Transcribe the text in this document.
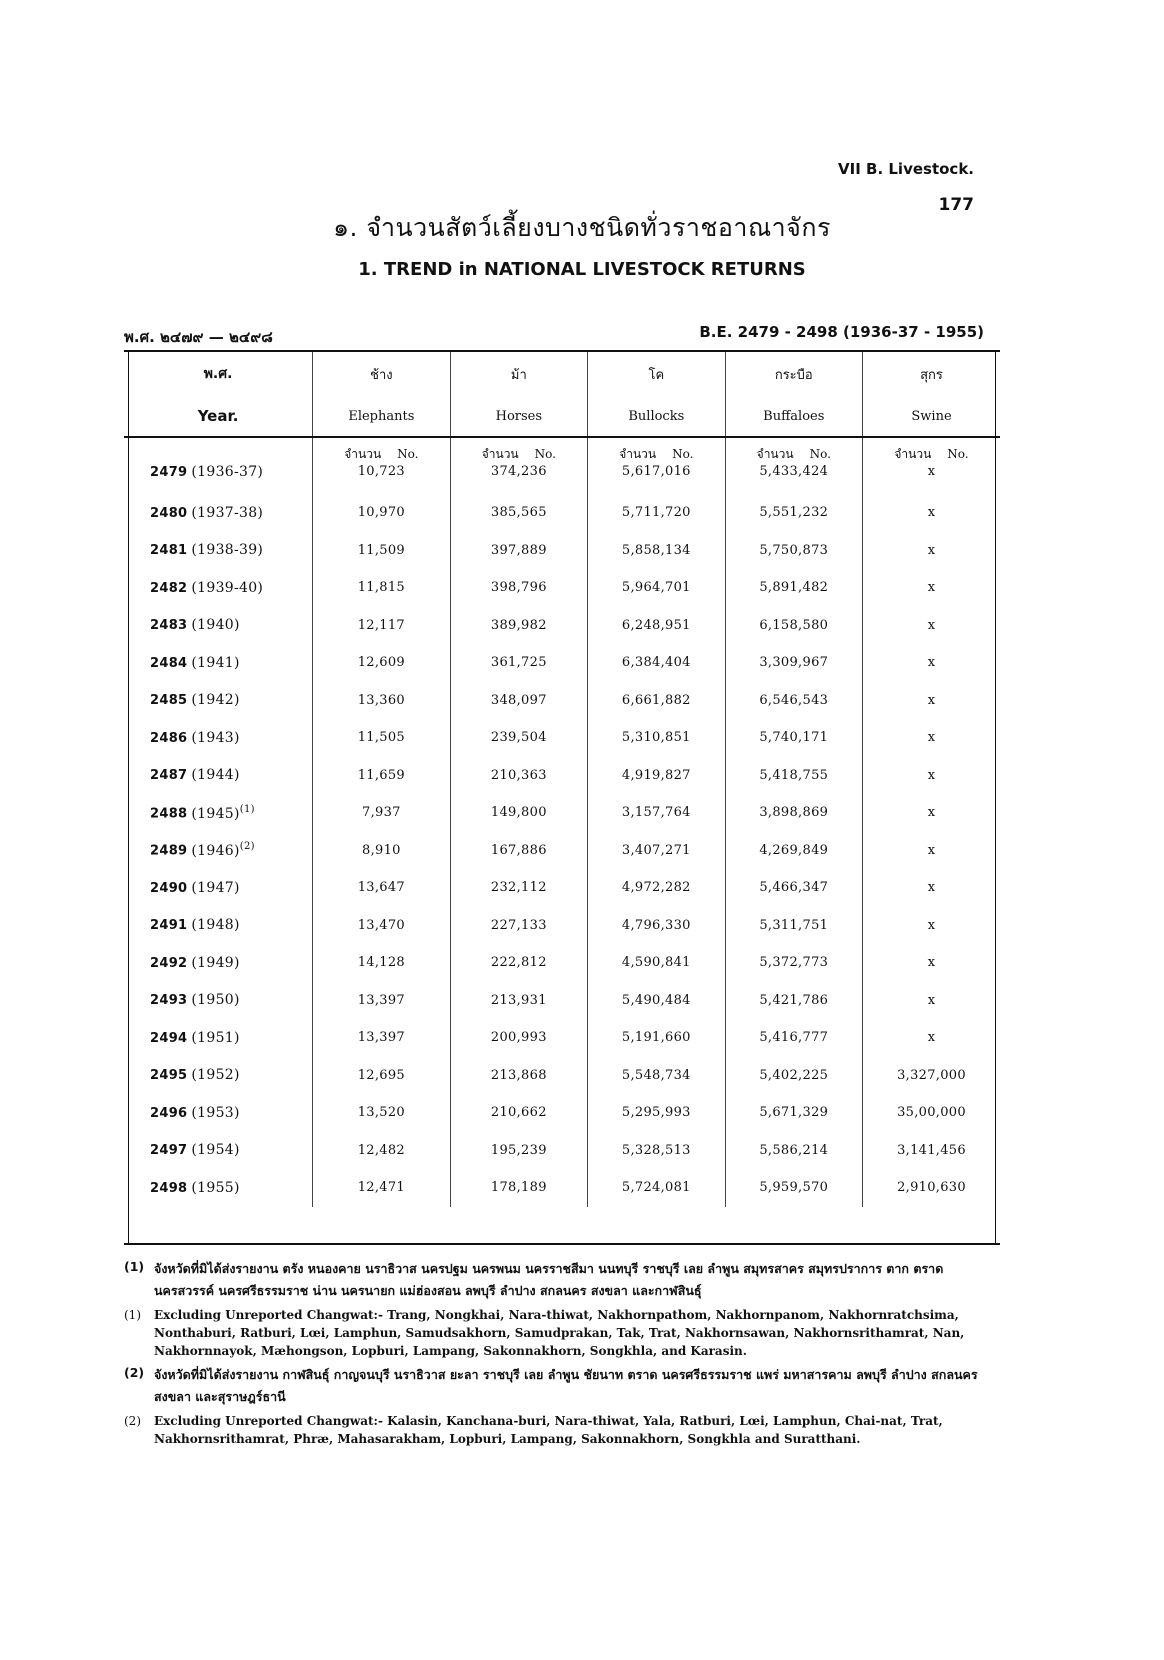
VII B. Livestock.
177
๑. จำนวนสัตว์เลี้ยงบางชนิดทั่วราชอาณาจักร
1. TREND in NATIONAL LIVESTOCK RETURNS
พ.ศ. ๒๔๗๙ — ๒๔๙๘	B.E. 2479 - 2498 (1936-37 - 1955)
พ.ศ.	ช้าง	ม้า	โค	กระบือ	สุกร
Year.	Elephants	Horses	Bullocks	Buffaloes	Swine
	จำนวน No.	จำนวน No.	จำนวน No.	จำนวน No.	จำนวน No.
2479 (1936-37)	10,723	374,236	5,617,016	5,433,424	x
2480 (1937-38)	10,970	385,565	5,711,720	5,551,232	x
2481 (1938-39)	11,509	397,889	5,858,134	5,750,873	x
2482 (1939-40)	11,815	398,796	5,964,701	5,891,482	x
2483 (1940)	12,117	389,982	6,248,951	6,158,580	x
2484 (1941)	12,609	361,725	6,384,404	3,309,967	x
2485 (1942)	13,360	348,097	6,661,882	6,546,543	x
2486 (1943)	11,505	239,504	5,310,851	5,740,171	x
2487 (1944)	11,659	210,363	4,919,827	5,418,755	x
2488 (1945)$^{(1)}$	7,937	149,800	3,157,764	3,898,869	x
2489 (1946)$^{(2)}$	8,910	167,886	3,407,271	4,269,849	x
2490 (1947)	13,647	232,112	4,972,282	5,466,347	x
2491 (1948)	13,470	227,133	4,796,330	5,311,751	x
2492 (1949)	14,128	222,812	4,590,841	5,372,773	x
2493 (1950)	13,397	213,931	5,490,484	5,421,786	x
2494 (1951)	13,397	200,993	5,191,660	5,416,777	x
2495 (1952)	12,695	213,868	5,548,734	5,402,225	3,327,000
2496 (1953)	13,520	210,662	5,295,993	5,671,329	35,00,000
2497 (1954)	12,482	195,239	5,328,513	5,586,214	3,141,456
2498 (1955)	12,471	178,189	5,724,081	5,959,570	2,910,630
(1) จังหวัดที่มิได้ส่งรายงาน ตรัง หนองคาย นราธิวาส นครปฐม นครพนม นครราชสีมา นนทบุรี ราชบุรี เลย ลำพูน สมุทรสาคร สมุทรปราการ ตาก ตราด นครสวรรค์ นครศรีธรรมราช น่าน นครนายก แม่ฮ่องสอน ลพบุรี ลำปาง สกลนคร สงขลา และกาฬสินธุ์
(1)	Excluding Unreported Changwat:- Trang, Nongkhai, Nara-thiwat, Nakhornpathom, Nakhornpanom, Nakhornratchsima, Nonthaburi, Ratburi, Lœi, Lamphun, Samudsakhorn, Samudprakan, Tak, Trat, Nakhornsawan, Nakhornsrithamrat, Nan, Nakhornnayok, Mæhongson, Lopburi, Lampang, Sakonnakhorn, Songkhla, and Karasin.
(2) จังหวัดที่มิได้ส่งรายงาน กาฬสินธุ์ กาญจนบุรี นราธิวาส ยะลา ราชบุรี เลย ลำพูน ชัยนาท ตราด นครศรีธรรมราช แพร่ มหาสารคาม ลพบุรี ลำปาง สกลนคร สงขลา และสุราษฎร์ธานี
(2)	Excluding Unreported Changwat:- Kalasin, Kanchana-buri, Nara-thiwat, Yala, Ratburi, Lœi, Lamphun, Chai-nat, Trat, Nakhornsrithamrat, Phræ, Mahasarakham, Lopburi, Lampang, Sakonnakhorn, Songkhla and Suratthani.
